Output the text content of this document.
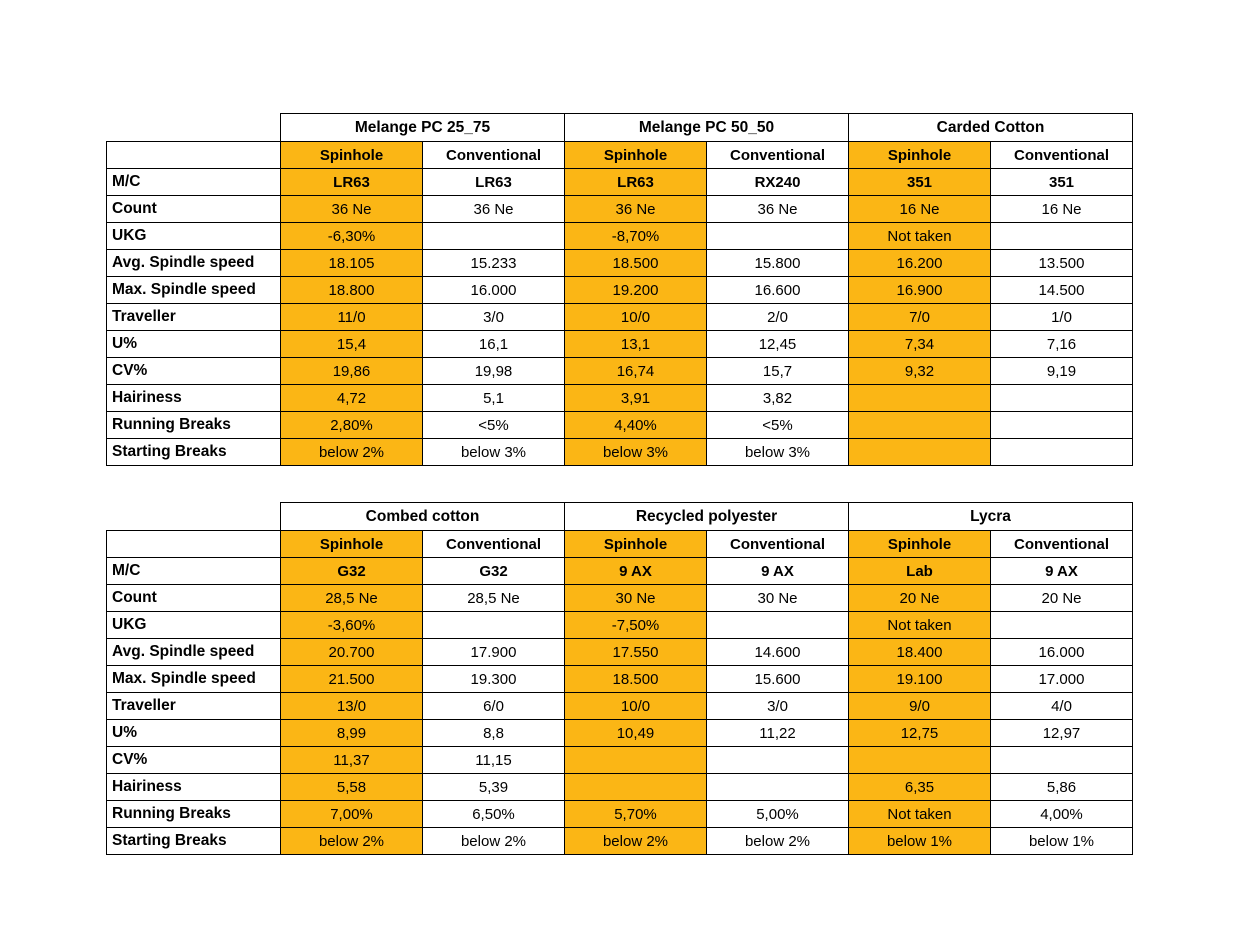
	Melange PC 25_75		Melange PC 50_50		Carded Cotton	
	Spinhole	Conventional	Spinhole	Conventional	Spinhole	Conventional
M/C	LR63	LR63	LR63	RX240	351	351
Count	36 Ne	36 Ne	36 Ne	36 Ne	16 Ne	16 Ne
UKG	-6,30%		-8,70%		Not taken	
Avg. Spindle speed	18.105	15.233	18.500	15.800	16.200	13.500
Max. Spindle speed	18.800	16.000	19.200	16.600	16.900	14.500
Traveller	11/0	3/0	10/0	2/0	7/0	1/0
U%	15,4	16,1	13,1	12,45	7,34	7,16
CV%	19,86	19,98	16,74	15,7	9,32	9,19
Hairiness	4,72	5,1	3,91	3,82		
Running Breaks	2,80%	<5%	4,40%	<5%		
Starting Breaks	below 2%	below 3%	below 3%	below 3%		
	Combed cotton		Recycled polyester		Lycra	
	Spinhole	Conventional	Spinhole	Conventional	Spinhole	Conventional
M/C	G32	G32	9 AX	9 AX	Lab	9 AX
Count	28,5 Ne	28,5 Ne	30 Ne	30 Ne	20 Ne	20 Ne
UKG	-3,60%		-7,50%		Not taken	
Avg. Spindle speed	20.700	17.900	17.550	14.600	18.400	16.000
Max. Spindle speed	21.500	19.300	18.500	15.600	19.100	17.000
Traveller	13/0	6/0	10/0	3/0	9/0	4/0
U%	8,99	8,8	10,49	11,22	12,75	12,97
CV%	11,37	11,15				
Hairiness	5,58	5,39			6,35	5,86
Running Breaks	7,00%	6,50%	5,70%	5,00%	Not taken	4,00%
Starting Breaks	below 2%	below 2%	below 2%	below 2%	below 1%	below 1%
